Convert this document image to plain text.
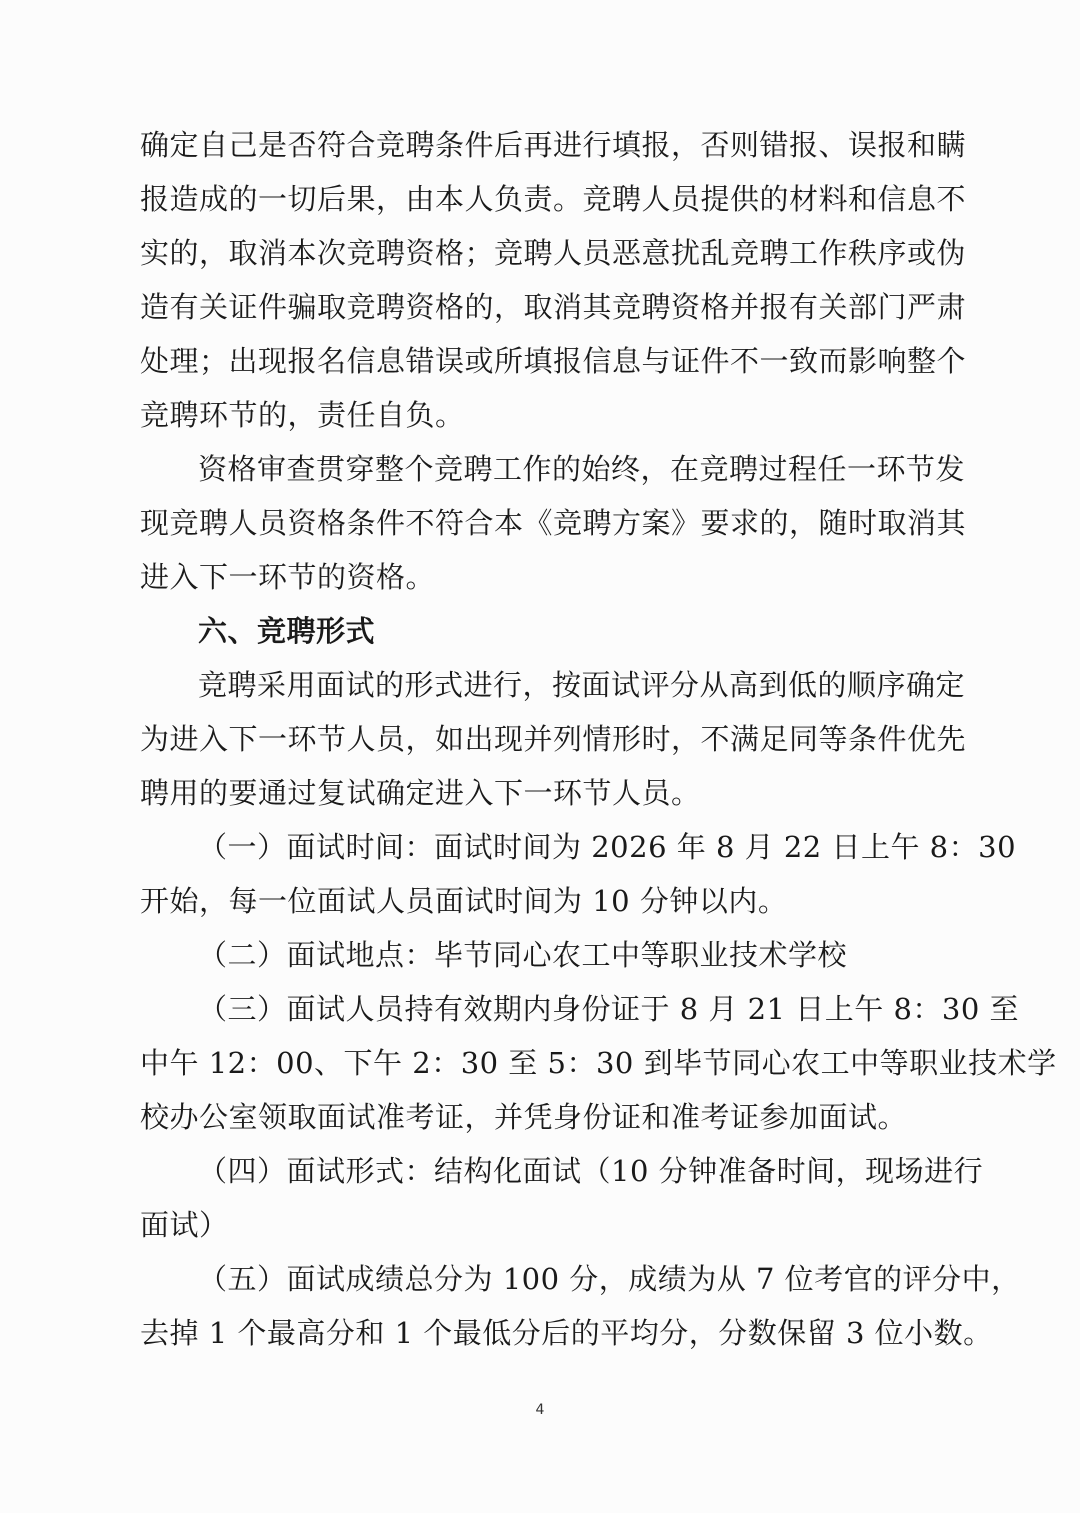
确定自己是否符合竞聘条件后再进行填报，否则错报、误报和瞒
报造成的一切后果，由本人负责。竞聘人员提供的材料和信息不
实的，取消本次竞聘资格；竞聘人员恶意扰乱竞聘工作秩序或伪
造有关证件骗取竞聘资格的，取消其竞聘资格并报有关部门严肃
处理；出现报名信息错误或所填报信息与证件不一致而影响整个
竞聘环节的，责任自负。
资格审查贯穿整个竞聘工作的始终，在竞聘过程任一环节发
现竞聘人员资格条件不符合本《竞聘方案》要求的，随时取消其
进入下一环节的资格。
六、竞聘形式
竞聘采用面试的形式进行，按面试评分从高到低的顺序确定
为进入下一环节人员，如出现并列情形时，不满足同等条件优先
聘用的要通过复试确定进入下一环节人员。
（一）面试时间：面试时间为 2026 年 8 月 22 日上午 8：30
开始，每一位面试人员面试时间为 10 分钟以内。
（二）面试地点：毕节同心农工中等职业技术学校
（三）面试人员持有效期内身份证于 8 月 21 日上午 8：30 至
中午 12：00、下午 2：30 至 5：30 到毕节同心农工中等职业技术学
校办公室领取面试准考证，并凭身份证和准考证参加面试。
（四）面试形式：结构化面试（10 分钟准备时间，现场进行
面试）
（五）面试成绩总分为 100 分，成绩为从 7 位考官的评分中，
去掉 1 个最高分和 1 个最低分后的平均分，分数保留 3 位小数。
4
